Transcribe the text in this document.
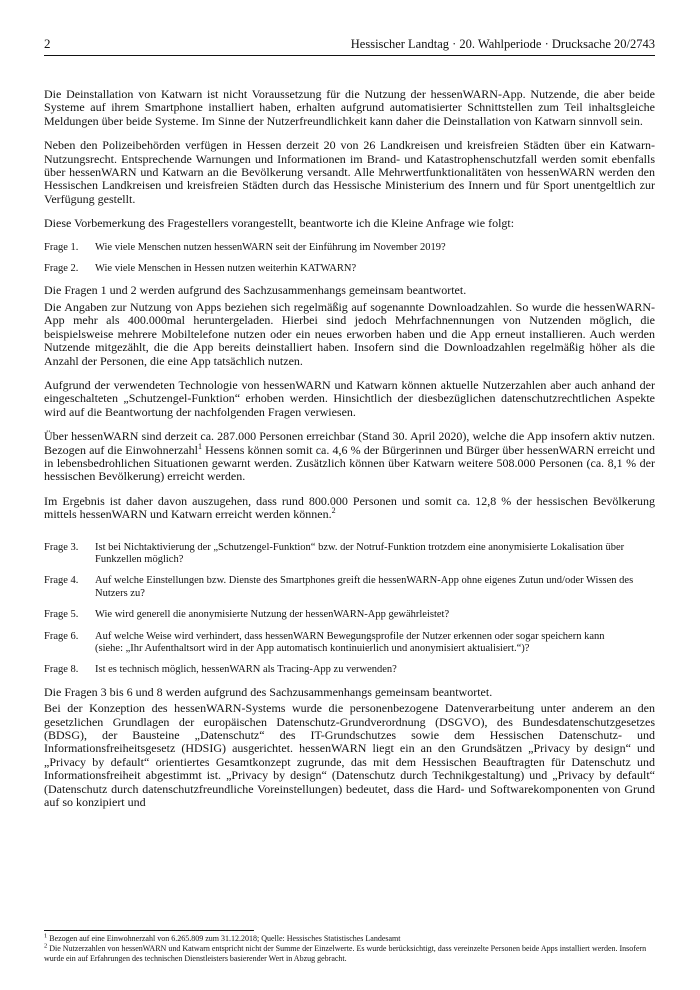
2	Hessischer Landtag · 20. Wahlperiode · Drucksache 20/2743

Die Deinstallation von Katwarn ist nicht Voraussetzung für die Nutzung der hessenWARN-App. Nutzende, die aber beide Systeme auf ihrem Smartphone installiert haben, erhalten aufgrund automatisierter Schnittstellen zum Teil inhaltsgleiche Meldungen über beide Systeme. Im Sinne der Nutzerfreundlichkeit kann daher die Deinstallation von Katwarn sinnvoll sein.

Neben den Polizeibehörden verfügen in Hessen derzeit 20 von 26 Landkreisen und kreisfreien Städten über ein Katwarn-Nutzungsrecht. Entsprechende Warnungen und Informationen im Brand- und Katastrophenschutzfall werden somit ebenfalls über hessenWARN und Katwarn an die Bevölkerung versandt. Alle Mehrwertfunktionalitäten von hessenWARN werden den Hessischen Landkreisen und kreisfreien Städten durch das Hessische Ministerium des Innern und für Sport unentgeltlich zur Verfügung gestellt.

Diese Vorbemerkung des Fragestellers vorangestellt, beantworte ich die Kleine Anfrage wie folgt:

Frage 1.	Wie viele Menschen nutzen hessenWARN seit der Einführung im November 2019?
Frage 2.	Wie viele Menschen in Hessen nutzen weiterhin KATWARN?

Die Fragen 1 und 2 werden aufgrund des Sachzusammenhangs gemeinsam beantwortet.

Die Angaben zur Nutzung von Apps beziehen sich regelmäßig auf sogenannte Downloadzahlen. So wurde die hessenWARN-App mehr als 400.000mal heruntergeladen. Hierbei sind jedoch Mehrfachnennungen von Nutzenden möglich, die beispielsweise mehrere Mobiltelefone nutzen oder ein neues erworben haben und die App erneut installieren. Auch werden Nutzende mitgezählt, die die App bereits deinstalliert haben. Insofern sind die Downloadzahlen regelmäßig höher als die Anzahl der Personen, die eine App tatsächlich nutzen.

Aufgrund der verwendeten Technologie von hessenWARN und Katwarn können aktuelle Nutzerzahlen aber auch anhand der eingeschalteten „Schutzengel-Funktion“ erhoben werden. Hinsichtlich der diesbezüglichen datenschutzrechtlichen Aspekte wird auf die Beantwortung der nachfolgenden Fragen verwiesen.

Über hessenWARN sind derzeit ca. 287.000 Personen erreichbar (Stand 30. April 2020), welche die App insofern aktiv nutzen. Bezogen auf die Einwohnerzahl$^1$ Hessens können somit ca. 4,6 % der Bürgerinnen und Bürger über hessenWARN erreicht und in lebensbedrohlichen Situationen gewarnt werden. Zusätzlich können über Katwarn weitere 508.000 Personen (ca. 8,1 % der hessischen Bevölkerung) erreicht werden.

Im Ergebnis ist daher davon auszugehen, dass rund 800.000 Personen und somit ca. 12,8 % der hessischen Bevölkerung mittels hessenWARN und Katwarn erreicht werden können.$^2$

Frage 3.	Ist bei Nichtaktivierung der „Schutzengel-Funktion“ bzw. der Notruf-Funktion trotzdem eine anonymisierte Lokalisation über Funkzellen möglich?
Frage 4.	Auf welche Einstellungen bzw. Dienste des Smartphones greift die hessenWARN-App ohne eigenes Zutun und/oder Wissen des Nutzers zu?
Frage 5.	Wie wird generell die anonymisierte Nutzung der hessenWARN-App gewährleistet?
Frage 6.	Auf welche Weise wird verhindert, dass hessenWARN Bewegungsprofile der Nutzer erkennen oder sogar speichern kann
(siehe: „Ihr Aufenthaltsort wird in der App automatisch kontinuierlich und anonymisiert aktualisiert.“)?
Frage 8.	Ist es technisch möglich, hessenWARN als Tracing-App zu verwenden?

Die Fragen 3 bis 6 und 8 werden aufgrund des Sachzusammenhangs gemeinsam beantwortet.

Bei der Konzeption des hessenWARN-Systems wurde die personenbezogene Datenverarbeitung unter anderem an den gesetzlichen Grundlagen der europäischen Datenschutz-Grundverordnung (DSGVO), des Bundesdatenschutzgesetzes (BDSG), der Bausteine „Datenschutz“ des IT-Grundschutzes sowie dem Hessischen Datenschutz- und Informationsfreiheitsgesetz (HDSIG) ausgerichtet. hessenWARN liegt ein an den Grundsätzen „Privacy by design“ und „Privacy by default“ orientiertes Gesamtkonzept zugrunde, das mit dem Hessischen Beauftragten für Datenschutz und Informationsfreiheit abgestimmt ist. „Privacy by design“ (Datenschutz durch Technikgestaltung) und „Privacy by default“ (Datenschutz durch datenschutzfreundliche Voreinstellungen) bedeutet, dass die Hard- und Softwarekomponenten von Grund auf so konzipiert und

$^1$ Bezogen auf eine Einwohnerzahl von 6.265.809 zum 31.12.2018; Quelle: Hessisches Statistisches Landesamt
$^2$ Die Nutzerzahlen von hessenWARN und Katwarn entspricht nicht der Summe der Einzelwerte. Es wurde berücksichtigt, dass vereinzelte Personen beide Apps installiert werden. Insofern wurde ein auf Erfahrungen des technischen Dienstleisters basierender Wert in Abzug gebracht.
